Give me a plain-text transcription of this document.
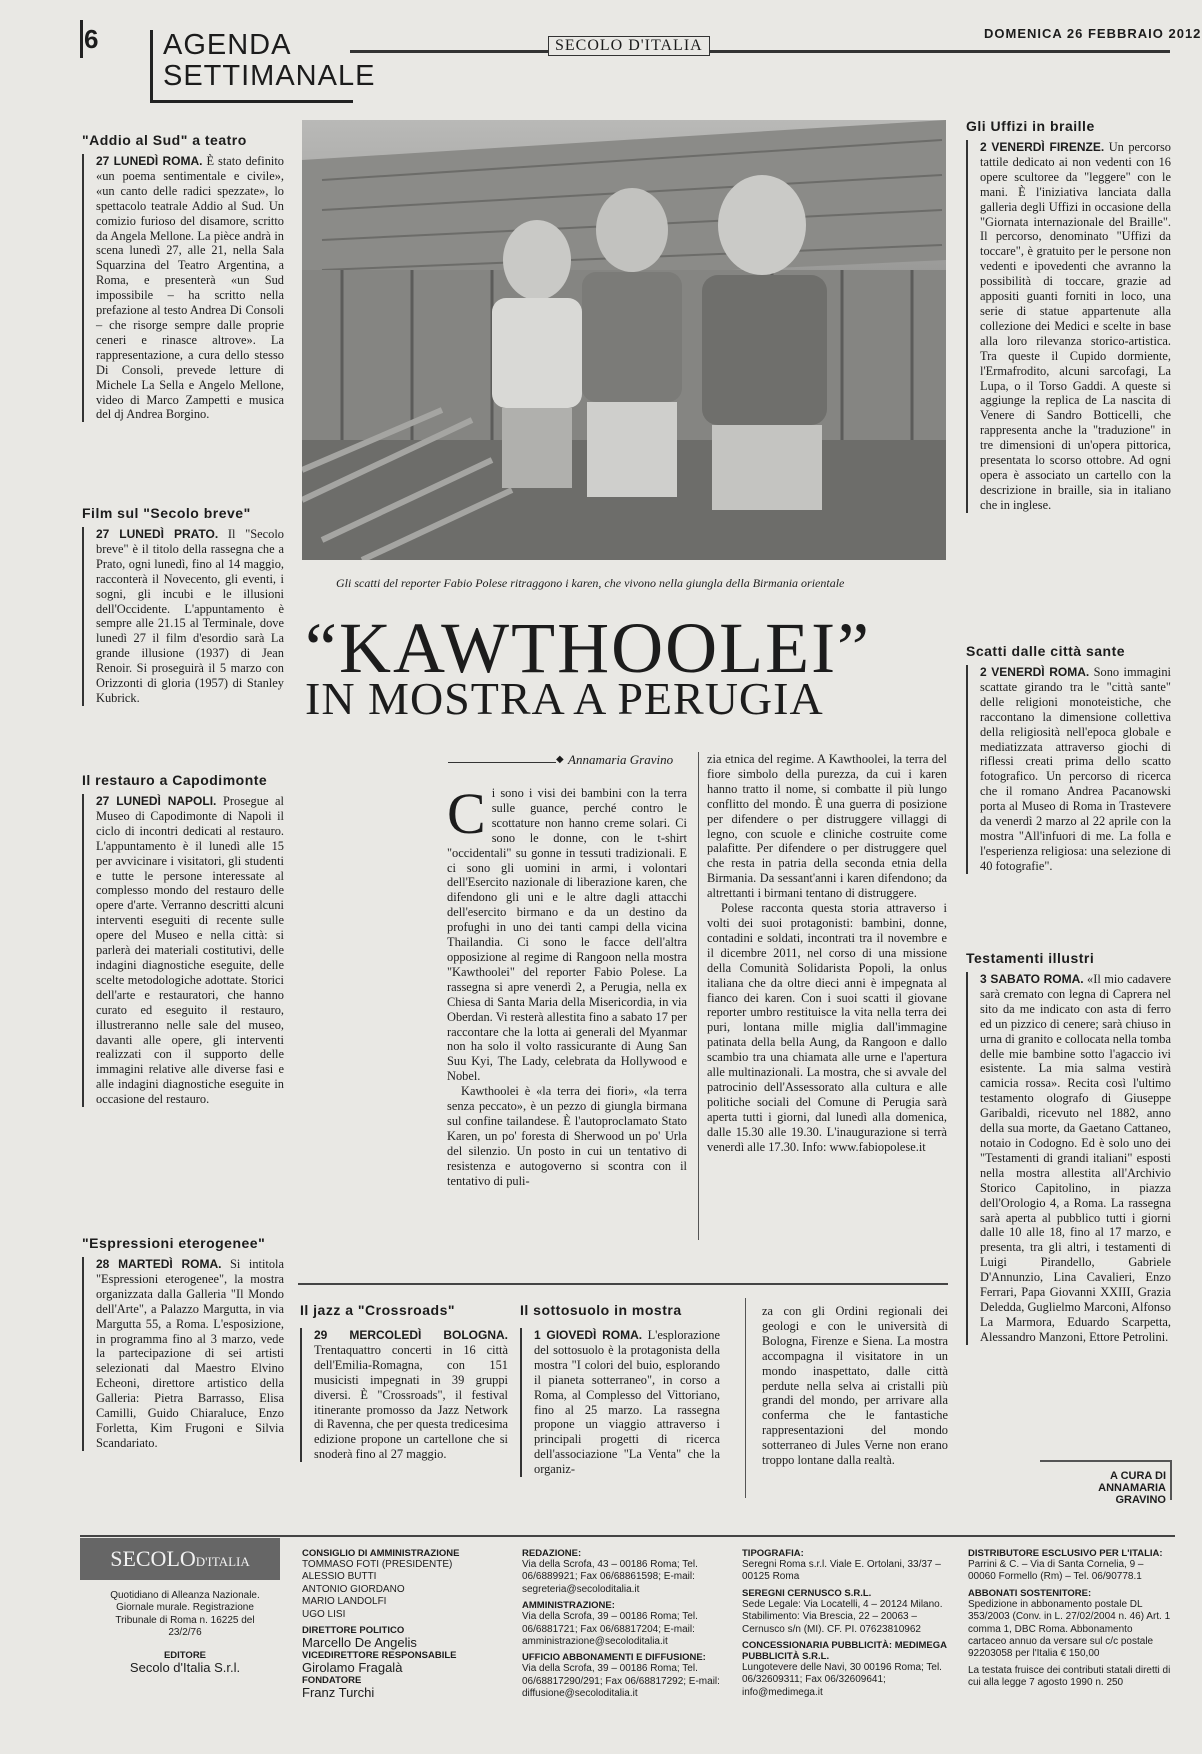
6	AGENDA
SETTIMANALE
SECOLO D'ITALIA
DOMENICA 26 FEBBRAIO 2012
"Addio al Sud" a teatro
27 LUNEDÌ ROMA. È stato definito «un poema sentimentale e civile», «un canto delle radici spezzate», lo spettacolo teatrale Addio al Sud. Un comizio furioso del disamore, scritto da Angela Mellone. La pièce andrà in scena lunedì 27, alle 21, nella Sala Squarzina del Teatro Argentina, a Roma, e presenterà «un Sud impossibile – ha scritto nella prefazione al testo Andrea Di Consoli – che risorge sempre dalle proprie ceneri e rinasce altrove». La rappresentazione, a cura dello stesso Di Consoli, prevede letture di Michele La Sella e Angelo Mellone, video di Marco Zampetti e musica del dj Andrea Borgino.
Film sul "Secolo breve"
27 LUNEDÌ PRATO. Il "Secolo breve" è il titolo della rassegna che a Prato, ogni lunedì, fino al 14 maggio, racconterà il Novecento, gli eventi, i sogni, gli incubi e le illusioni dell'Occidente. L'appuntamento è sempre alle 21.15 al Terminale, dove lunedì 27 il film d'esordio sarà La grande illusione (1937) di Jean Renoir. Si proseguirà il 5 marzo con Orizzonti di gloria (1957) di Stanley Kubrick.
Il restauro a Capodimonte
27 LUNEDÌ NAPOLI. Prosegue al Museo di Capodimonte di Napoli il ciclo di incontri dedicati al restauro. L'appuntamento è il lunedì alle 15 per avvicinare i visitatori, gli studenti e tutte le persone interessate al complesso mondo del restauro delle opere d'arte. Verranno descritti alcuni interventi eseguiti di recente sulle opere del Museo e nella città: si parlerà dei materiali costitutivi, delle indagini diagnostiche eseguite, delle scelte metodologiche adottate. Storici dell'arte e restauratori, che hanno curato ed eseguito il restauro, illustreranno nelle sale del museo, davanti alle opere, gli interventi realizzati con il supporto delle immagini relative alle diverse fasi e alle indagini diagnostiche eseguite in occasione del restauro.
"Espressioni eterogenee"
28 MARTEDÌ ROMA. Si intitola "Espressioni eterogenee", la mostra organizzata dalla Galleria "Il Mondo dell'Arte", a Palazzo Margutta, in via Margutta 55, a Roma. L'esposizione, in programma fino al 3 marzo, vede la partecipazione di sei artisti selezionati dal Maestro Elvino Echeoni, direttore artistico della Galleria: Pietra Barrasso, Elisa Camilli, Guido Chiaraluce, Enzo Forletta, Kim Frugoni e Silvia Scandariato.
Gli scatti del reporter Fabio Polese ritraggono i karen, che vivono nella giungla della Birmania orientale
“KAWTHOOLEI”
IN MOSTRA A PERUGIA
◆ Annamaria Gravino

Ci sono i visi dei bambini con la terra sulle guance, perché contro le scottature non hanno creme solari. Ci sono le donne, con le t-shirt "occidentali" su gonne in tessuti tradizionali. E ci sono gli uomini in armi, i volontari dell'Esercito nazionale di liberazione karen, che difendono gli uni e le altre dagli attacchi dell'esercito birmano e da un destino da profughi in uno dei tanti campi della vicina Thailandia. Ci sono le facce dell'altra opposizione al regime di Rangoon nella mostra "Kawthoolei" del reporter Fabio Polese. La rassegna si apre venerdì 2, a Perugia, nella ex Chiesa di Santa Maria della Misericordia, in via Oberdan. Vi resterà allestita fino a sabato 17 per raccontare che la lotta ai generali del Myanmar non ha solo il volto rassicurante di Aung San Suu Kyi, The Lady, celebrata da Hollywood e Nobel.

Kawthoolei è «la terra dei fiori», «la terra senza peccato», è un pezzo di giungla birmana sul confine tailandese. È l'autoproclamato Stato Karen, un po' foresta di Sherwood un po' Urla del silenzio. Un posto in cui un tentativo di resistenza e autogoverno si scontra con il tentativo di puli-

zia etnica del regime. A Kawthoolei, la terra del fiore simbolo della purezza, da cui i karen hanno tratto il nome, si combatte il più lungo conflitto del mondo. È una guerra di posizione per difendere o per distruggere villaggi di legno, con scuole e cliniche costruite come palafitte. Per difendere o per distruggere quel che resta in patria della seconda etnia della Birmania. Da sessant'anni i karen difendono; da altrettanti i birmani tentano di distruggere.

Polese racconta questa storia attraverso i volti dei suoi protagonisti: bambini, donne, contadini e soldati, incontrati tra il novembre e il dicembre 2011, nel corso di una missione della Comunità Solidarista Popoli, la onlus italiana che da oltre dieci anni è impegnata al fianco dei karen. Con i suoi scatti il giovane reporter umbro restituisce la vita nella terra dei puri, lontana mille miglia dall'immagine patinata della bella Aung, da Rangoon e dallo scambio tra una chiamata alle urne e l'apertura alle multinazionali. La mostra, che si avvale del patrocinio dell'Assessorato alla cultura e alle politiche sociali del Comune di Perugia sarà aperta tutti i giorni, dal lunedì alla domenica, dalle 15.30 alle 19.30. L'inaugurazione si terrà venerdì alle 17.30. Info: www.fabiopolese.it

Il jazz a "Crossroads"
29 MERCOLEDÌ BOLOGNA. Trentaquattro concerti in 16 città dell'Emilia-Romagna, con 151 musicisti impegnati in 39 gruppi diversi. È "Crossroads", il festival itinerante promosso da Jazz Network di Ravenna, che per questa tredicesima edizione propone un cartellone che si snoderà fino al 27 maggio.
Il sottosuolo in mostra
1 GIOVEDÌ ROMA. L'esplorazione del sottosuolo è la protagonista della mostra "I colori del buio, esplorando il pianeta sotterraneo", in corso a Roma, al Complesso del Vittoriano, fino al 25 marzo. La rassegna propone un viaggio attraverso i principali progetti di ricerca dell'associazione "La Venta" che la organiz-
za con gli Ordini regionali dei geologi e con le università di Bologna, Firenze e Siena. La mostra accompagna il visitatore in un mondo inaspettato, dalle città perdute nella selva ai cristalli più grandi del mondo, per arrivare alla conferma che le fantastiche rappresentazioni del mondo sotterraneo di Jules Verne non erano troppo lontane dalla realtà.
Gli Uffizi in braille
2 VENERDÌ FIRENZE. Un percorso tattile dedicato ai non vedenti con 16 opere scultoree da "leggere" con le mani. È l'iniziativa lanciata dalla galleria degli Uffizi in occasione della "Giornata internazionale del Braille". Il percorso, denominato "Uffizi da toccare", è gratuito per le persone non vedenti e ipovedenti che avranno la possibilità di toccare, grazie ad appositi guanti forniti in loco, una serie di statue appartenute alla collezione dei Medici e scelte in base alla loro rilevanza storico-artistica. Tra queste il Cupido dormiente, l'Ermafrodito, alcuni sarcofagi, La Lupa, o il Torso Gaddi. A queste si aggiunge la replica de La nascita di Venere di Sandro Botticelli, che rappresenta anche la "traduzione" in tre dimensioni di un'opera pittorica, presentata lo scorso ottobre. Ad ogni opera è associato un cartello con la descrizione in braille, sia in italiano che in inglese.
Scatti dalle città sante
2 VENERDÌ ROMA. Sono immagini scattate girando tra le "città sante" delle religioni monoteistiche, che raccontano la dimensione collettiva della religiosità nell'epoca globale e mediatizzata attraverso giochi di riflessi creati prima dello scatto fotografico. Un percorso di ricerca che il romano Andrea Pacanowski porta al Museo di Roma in Trastevere da venerdì 2 marzo al 22 aprile con la mostra "All'infuori di me. La folla e l'esperienza religiosa: una selezione di 40 fotografie".
Testamenti illustri
3 SABATO ROMA. «Il mio cadavere sarà cremato con legna di Caprera nel sito da me indicato con asta di ferro ed un pizzico di cenere; sarà chiuso in urna di granito e collocata nella tomba delle mie bambine sotto l'agaccio ivi esistente. La mia salma vestirà camicia rossa». Recita così l'ultimo testamento olografo di Giuseppe Garibaldi, ricevuto nel 1882, anno della sua morte, da Gaetano Cattaneo, notaio in Codogno. Ed è solo uno dei "Testamenti di grandi italiani" esposti nella mostra allestita all'Archivio Storico Capitolino, in piazza dell'Orologio 4, a Roma. La rassegna sarà aperta al pubblico tutti i giorni dalle 10 alle 18, fino al 17 marzo, e presenta, tra gli altri, i testamenti di Luigi Pirandello, Gabriele D'Annunzio, Lina Cavalieri, Enzo Ferrari, Papa Giovanni XXIII, Grazia Deledda, Guglielmo Marconi, Alfonso La Marmora, Eduardo Scarpetta, Alessandro Manzoni, Ettore Petrolini.
A CURA DI
ANNAMARIA GRAVINO
SECOLOD'ITALIA
Quotidiano di Alleanza Nazionale. Giornale murale. Registrazione Tribunale di Roma n. 16225 del 23/2/76
EDITORE
Secolo d'Italia S.r.l.
CONSIGLIO DI AMMINISTRAZIONE
TOMMASO FOTI (PRESIDENTE)
ALESSIO BUTTI
ANTONIO GIORDANO
MARIO LANDOLFI
UGO LISI
DIRETTORE POLITICO
Marcello De Angelis
VICEDIRETTORE RESPONSABILE
Girolamo Fragalà
FONDATORE
Franz Turchi
REDAZIONE:
Via della Scrofa, 43 – 00186 Roma; Tel. 06/6889921; Fax 06/68861598; E-mail: segreteria@secoloditalia.it
AMMINISTRAZIONE:
Via della Scrofa, 39 – 00186 Roma; Tel. 06/6881721; Fax 06/68817204; E-mail: amministrazione@secoloditalia.it
UFFICIO ABBONAMENTI E DIFFUSIONE:
Via della Scrofa, 39 – 00186 Roma; Tel. 06/68817290/291; Fax 06/68817292; E-mail: diffusione@secoloditalia.it
TIPOGRAFIA:
Seregni Roma s.r.l. Viale E. Ortolani, 33/37 – 00125 Roma
SEREGNI CERNUSCO S.R.L.
Sede Legale: Via Locatelli, 4 – 20124 Milano. Stabilimento: Via Brescia, 22 – 20063 – Cernusco s/n (MI). CF. PI. 07623810962
CONCESSIONARIA PUBBLICITÀ: MEDIMEGA PUBBLICITÀ S.R.L.
Lungotevere delle Navi, 30 00196 Roma; Tel. 06/32609311; Fax 06/32609641; info@medimega.it
DISTRIBUTORE ESCLUSIVO PER L'ITALIA:
Parrini & C. – Via di Santa Cornelia, 9 – 00060 Formello (Rm) – Tel. 06/90778.1
ABBONATI SOSTENITORE:
Spedizione in abbonamento postale DL 353/2003 (Conv. in L. 27/02/2004 n. 46) Art. 1 comma 1, DBC Roma. Abbonamento cartaceo annuo da versare sul c/c postale 92203058 per l'Italia € 150,00
La testata fruisce dei contributi statali diretti di cui alla legge 7 agosto 1990 n. 250
